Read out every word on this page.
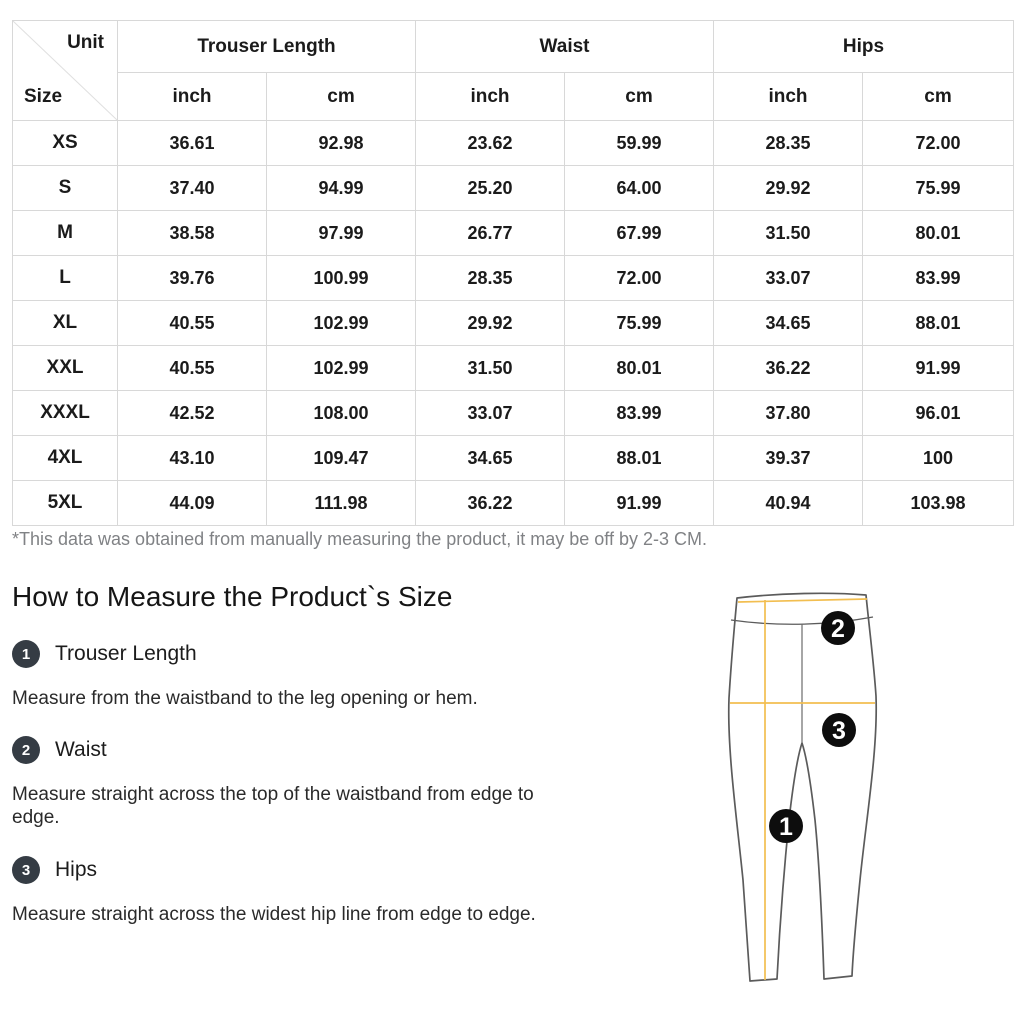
Unit
Size	Trouser Length		Waist		Hips	
	inch	cm	inch	cm	inch	cm
XS	36.61	92.98	23.62	59.99	28.35	72.00
S	37.40	94.99	25.20	64.00	29.92	75.99
M	38.58	97.99	26.77	67.99	31.50	80.01
L	39.76	100.99	28.35	72.00	33.07	83.99
XL	40.55	102.99	29.92	75.99	34.65	88.01
XXL	40.55	102.99	31.50	80.01	36.22	91.99
XXXL	42.52	108.00	33.07	83.99	37.80	96.01
4XL	43.10	109.47	34.65	88.01	39.37	100
5XL	44.09	111.98	36.22	91.99	40.94	103.98

*This data was obtained from manually measuring the product, it may be off by 2-3 CM.

How to Measure the Product`s Size
1 Trouser Length

Measure from the waistband to the leg opening or hem.

2 Waist

Measure straight across the top of the waistband from edge to edge.

3 Hips

Measure straight across the widest hip line from edge to edge.

2
3
1
